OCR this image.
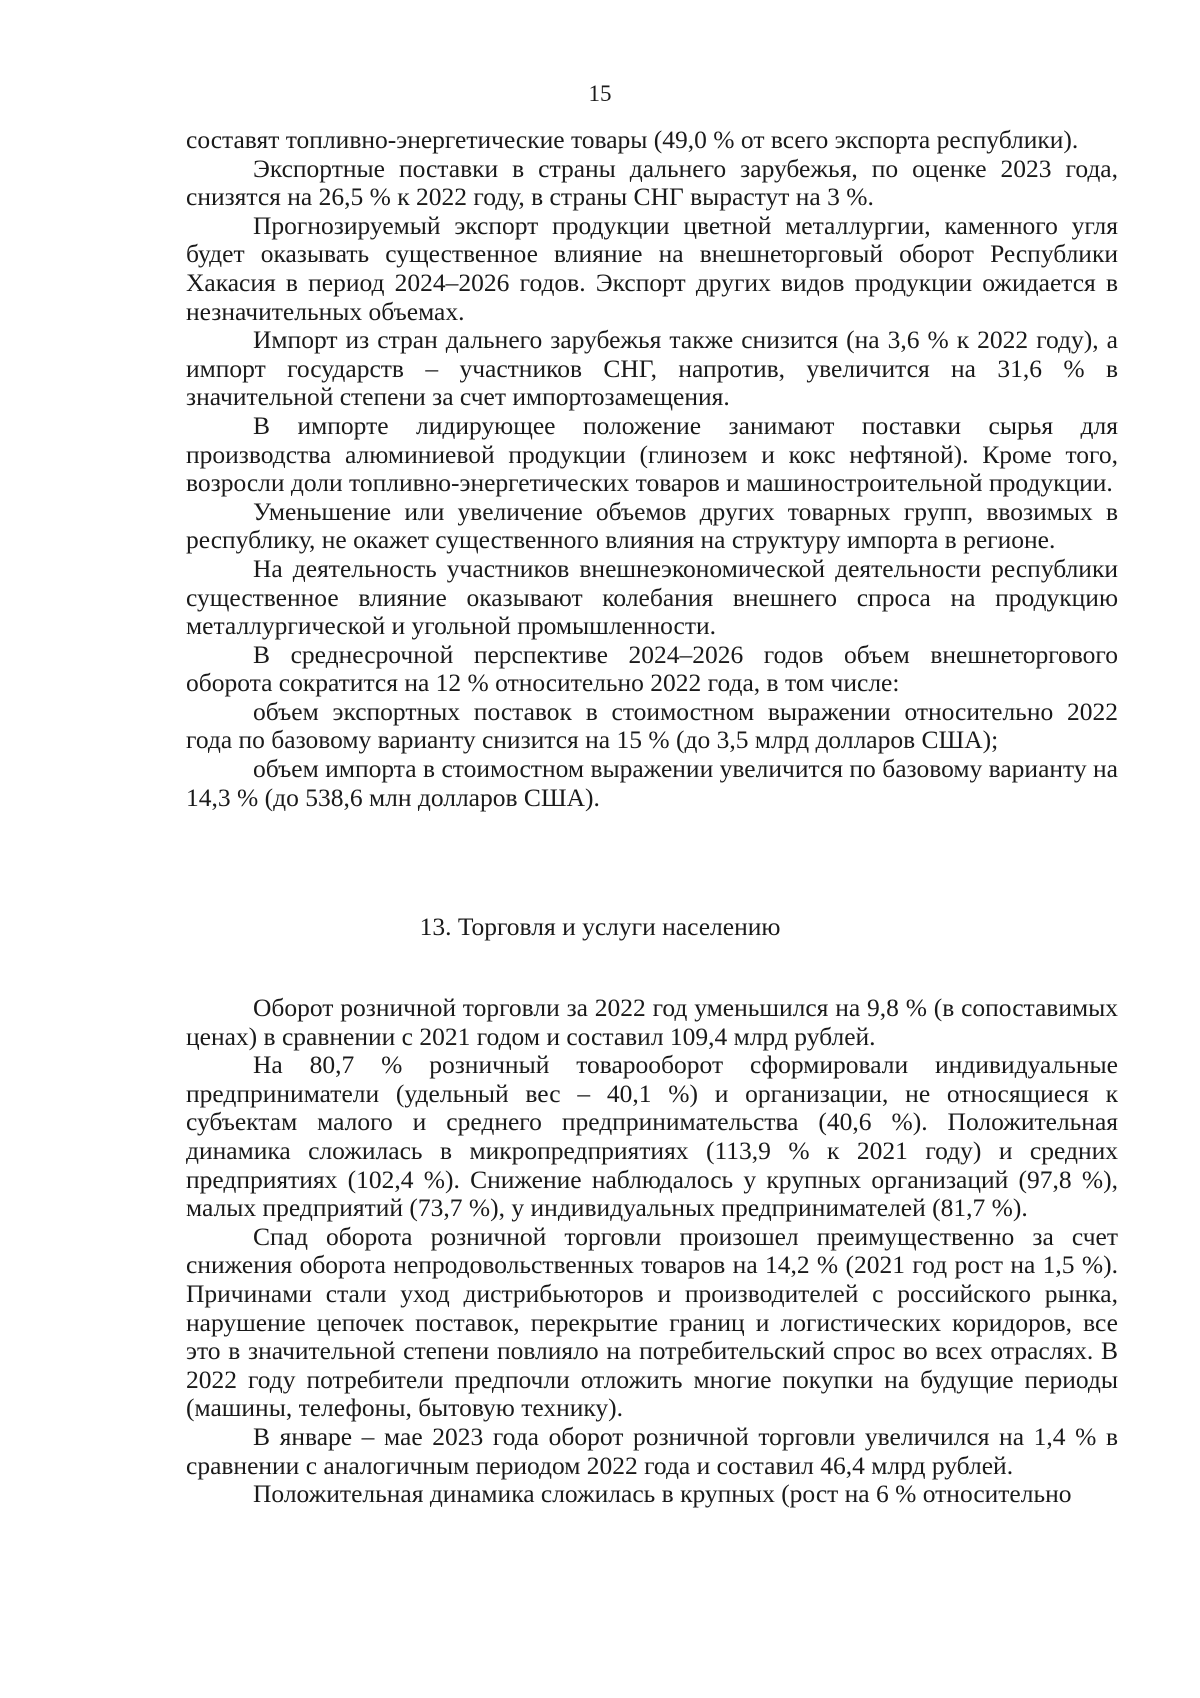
15

составят топливно-энергетические товары (49,0 % от всего экспорта республики).

Экспортные поставки в страны дальнего зарубежья, по оценке 2023 года, снизятся на 26,5 % к 2022 году, в страны СНГ вырастут на 3 %.

Прогнозируемый экспорт продукции цветной металлургии, каменного угля будет оказывать существенное влияние на внешнеторговый оборот Республики Хакасия в период 2024–2026 годов. Экспорт других видов продукции ожидается в незначительных объемах.

Импорт из стран дальнего зарубежья также снизится (на 3,6 % к 2022 году), а импорт государств – участников СНГ, напротив, увеличится на 31,6 % в значительной степени за счет импортозамещения.

В импорте лидирующее положение занимают поставки сырья для производства алюминиевой продукции (глинозем и кокс нефтяной). Кроме того, возросли доли топливно-энергетических товаров и машиностроительной продукции.

Уменьшение или увеличение объемов других товарных групп, ввозимых в республику, не окажет существенного влияния на структуру импорта в регионе.

На деятельность участников внешнеэкономической деятельности республики существенное влияние оказывают колебания внешнего спроса на продукцию металлургической и угольной промышленности.

В среднесрочной перспективе 2024–2026 годов объем внешнеторгового оборота сократится на 12 % относительно 2022 года, в том числе:

объем экспортных поставок в стоимостном выражении относительно 2022 года по базовому варианту снизится на 15 % (до 3,5 млрд долларов США);

объем импорта в стоимостном выражении увеличится по базовому варианту на 14,3 % (до 538,6 млн долларов США).

13. Торговля и услуги населению

Оборот розничной торговли за 2022 год уменьшился на 9,8 % (в сопоставимых ценах) в сравнении с 2021 годом и составил 109,4 млрд рублей.

На 80,7 % розничный товарооборот сформировали индивидуальные предприниматели (удельный вес – 40,1 %) и организации, не относящиеся к субъектам малого и среднего предпринимательства (40,6 %). Положительная динамика сложилась в микропредприятиях (113,9 % к 2021 году) и средних предприятиях (102,4 %). Снижение наблюдалось у крупных организаций (97,8 %), малых предприятий (73,7 %), у индивидуальных предпринимателей (81,7 %).

Спад оборота розничной торговли произошел преимущественно за счет снижения оборота непродовольственных товаров на 14,2 % (2021 год рост на 1,5 %). Причинами стали уход дистрибьюторов и производителей с российского рынка, нарушение цепочек поставок, перекрытие границ и логистических коридоров, все это в значительной степени повлияло на потребительский спрос во всех отраслях. В 2022 году потребители предпочли отложить многие покупки на будущие периоды (машины, телефоны, бытовую технику).

В январе – мае 2023 года оборот розничной торговли увеличился на 1,4 % в сравнении с аналогичным периодом 2022 года и составил 46,4 млрд рублей.

Положительная динамика сложилась в крупных (рост на 6 % относительно
